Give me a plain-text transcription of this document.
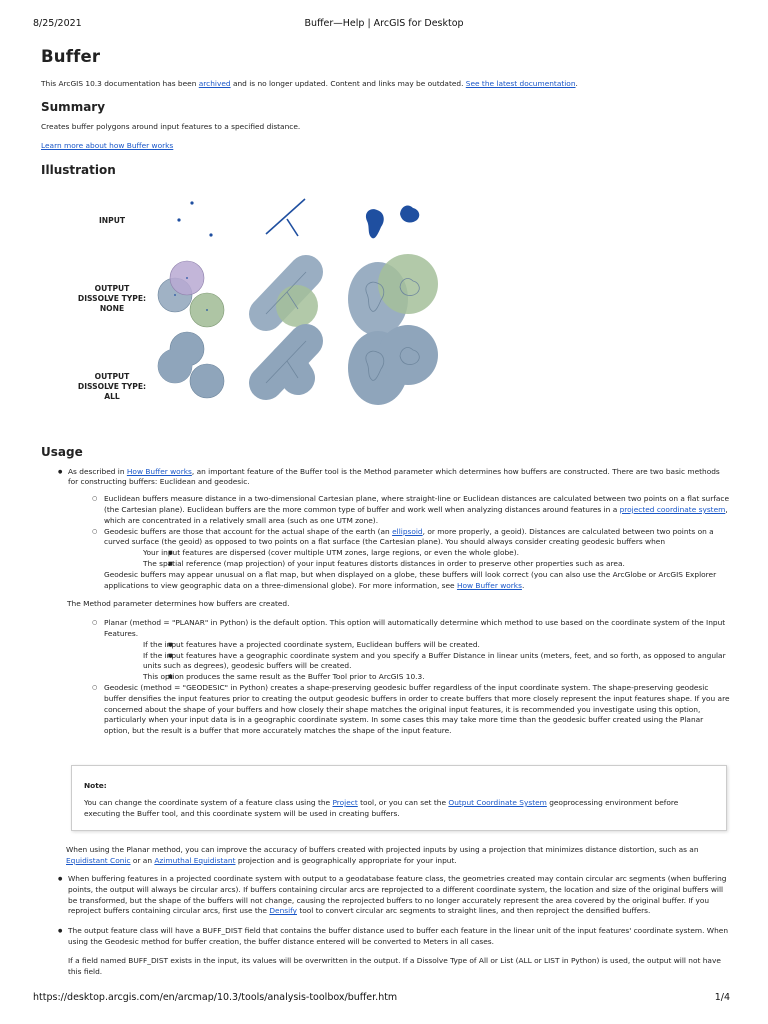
8/25/2021	Buffer—Help | ArcGIS for Desktop
Buffer

This ArcGIS 10.3 documentation has been archived and is no longer updated. Content and links may be outdated. See the latest documentation.

Summary

Creates buffer polygons around input features to a specified distance.

Learn more about how Buffer works

Illustration
INPUT
OUTPUT
DISSOLVE TYPE:
NONE
OUTPUT
DISSOLVE TYPE:
ALL
Usage
● As described in How Buffer works, an important feature of the Buffer tool is the Method parameter which determines how buffers are constructed. There are two basic methods for constructing buffers: Euclidean and geodesic.
○ Euclidean buffers measure distance in a two-dimensional Cartesian plane, where straight-line or Euclidean distances are calculated between two points on a flat surface (the Cartesian plane). Euclidean buffers are the more common type of buffer and work well when analyzing distances around features in a projected coordinate system, which are concentrated in a relatively small area (such as one UTM zone).
○ Geodesic buffers are those that account for the actual shape of the earth (an ellipsoid, or more properly, a geoid). Distances are calculated between two points on a curved surface (the geoid) as opposed to two points on a flat surface (the Cartesian plane). You should always consider creating geodesic buffers when
■ Your input features are dispersed (cover multiple UTM zones, large regions, or even the whole globe).
■ The spatial reference (map projection) of your input features distorts distances in order to preserve other properties such as area.
Geodesic buffers may appear unusual on a flat map, but when displayed on a globe, these buffers will look correct (you can also use the ArcGlobe or ArcGIS Explorer applications to view geographic data on a three-dimensional globe). For more information, see How Buffer works.

The Method parameter determines how buffers are created.

○ Planar (method = "PLANAR" in Python) is the default option. This option will automatically determine which method to use based on the coordinate system of the Input Features.
■ If the input features have a projected coordinate system, Euclidean buffers will be created.
■ If the input features have a geographic coordinate system and you specify a Buffer Distance in linear units (meters, feet, and so forth, as opposed to angular units such as degrees), geodesic buffers will be created.
■ This option produces the same result as the Buffer Tool prior to ArcGIS 10.3.
○ Geodesic (method = "GEODESIC" in Python) creates a shape-preserving geodesic buffer regardless of the input coordinate system. The shape-preserving geodesic buffer densifies the input features prior to creating the output geodesic buffers in order to create buffers that more closely represent the input features shape. If you are concerned about the shape of your buffers and how closely their shape matches the original input features, it is recommended you investigate using this option, particularly when your input data is in a geographic coordinate system. In some cases this may take more time than the geodesic buffer created using the Planar option, but the result is a buffer that more accurately matches the shape of the input feature.
Note:
You can change the coordinate system of a feature class using the Project tool, or you can set the Output Coordinate System geoprocessing environment before executing the Buffer tool, and this coordinate system will be used in creating buffers.
When using the Planar method, you can improve the accuracy of buffers created with projected inputs by using a projection that minimizes distance distortion, such as an Equidistant Conic or an Azimuthal Equidistant projection and is geographically appropriate for your input.
● When buffering features in a projected coordinate system with output to a geodatabase feature class, the geometries created may contain circular arc segments (when buffering points, the output will always be circular arcs). If buffers containing circular arcs are reprojected to a different coordinate system, the location and size of the original buffers will be transformed, but the shape of the buffers will not change, causing the reprojected buffers to no longer accurately represent the area covered by the original buffer. If you reproject buffers containing circular arcs, first use the Densify tool to convert circular arc segments to straight lines, and then reproject the densified buffers.
● The output feature class will have a BUFF_DIST field that contains the buffer distance used to buffer each feature in the linear unit of the input features' coordinate system. When using the Geodesic method for buffer creation, the buffer distance entered will be converted to Meters in all cases.

If a field named BUFF_DIST exists in the input, its values will be overwritten in the output. If a Dissolve Type of All or List (ALL or LIST in Python) is used, the output will not have this field.

https://desktop.arcgis.com/en/arcmap/10.3/tools/analysis-toolbox/buffer.htm	1/4
